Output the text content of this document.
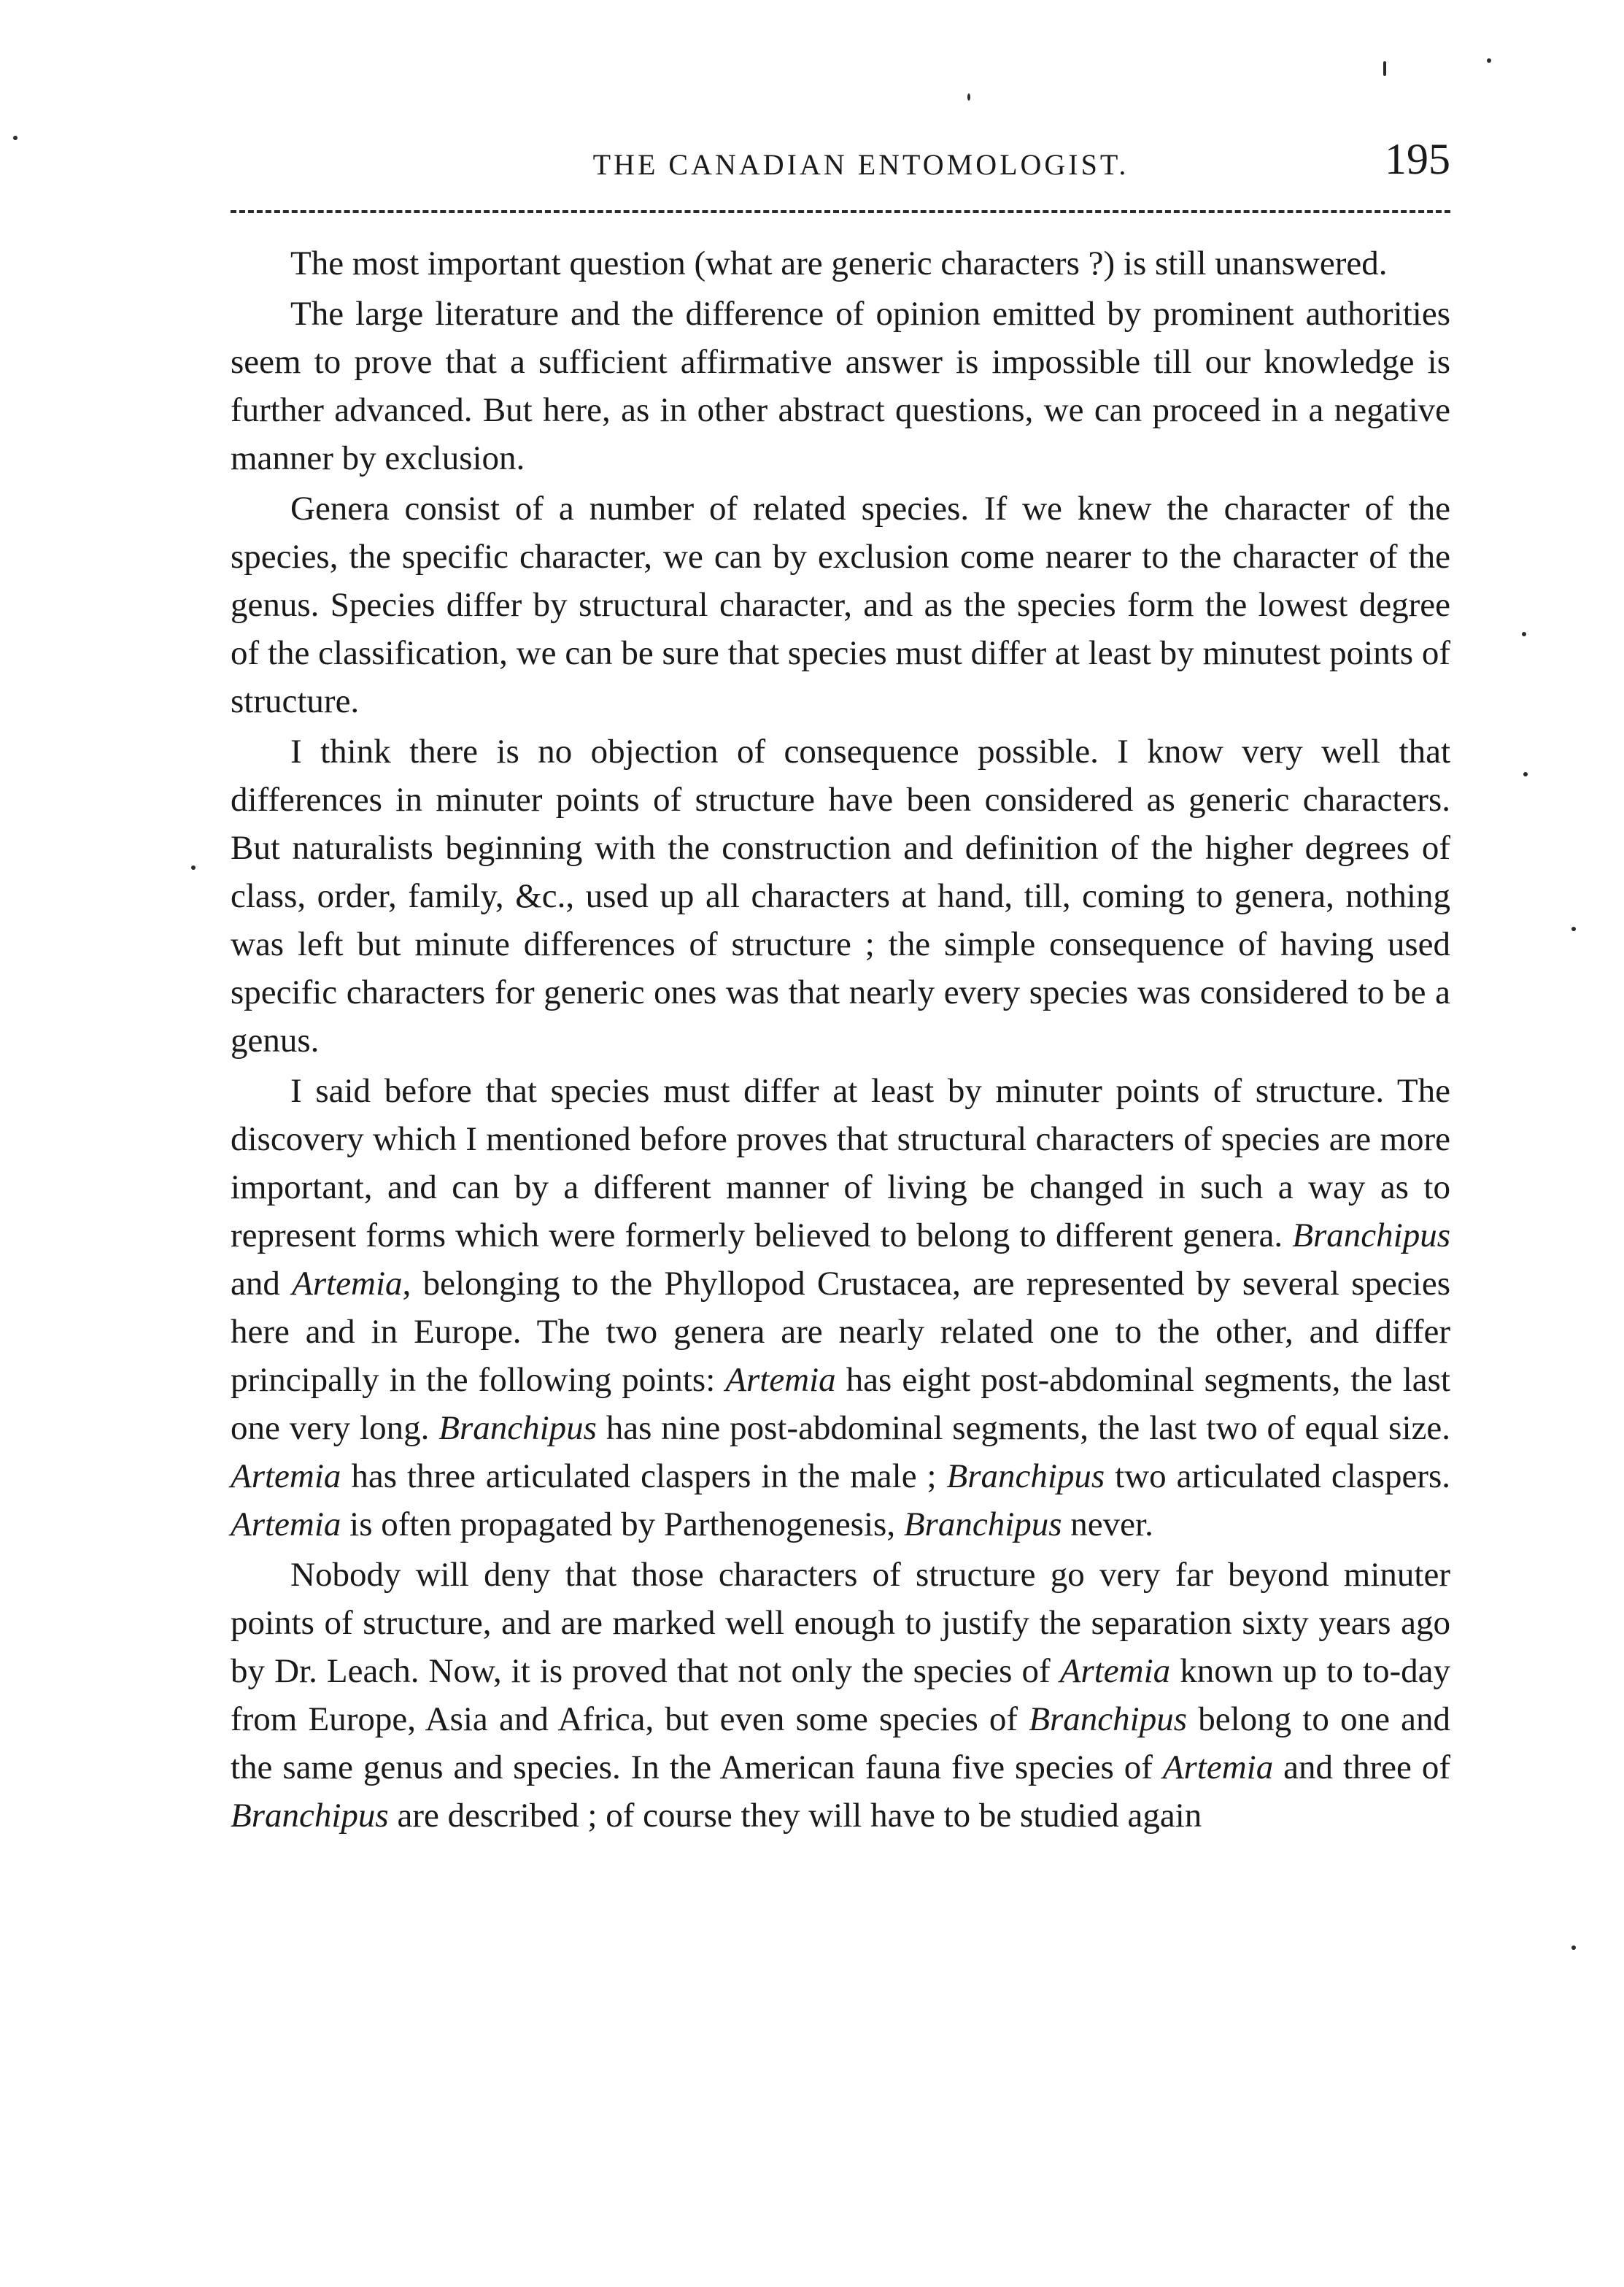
THE CANADIAN ENTOMOLOGIST.	195

The most important question (what are generic characters ?) is still unanswered.

The large literature and the difference of opinion emitted by prominent authorities seem to prove that a sufficient affirmative answer is impossible till our knowledge is further advanced. But here, as in other abstract questions, we can proceed in a negative manner by exclusion.

Genera consist of a number of related species. If we knew the character of the species, the specific character, we can by exclusion come nearer to the character of the genus. Species differ by structural character, and as the species form the lowest degree of the classification, we can be sure that species must differ at least by minutest points of structure.

I think there is no objection of consequence possible. I know very well that differences in minuter points of structure have been considered as generic characters. But naturalists beginning with the construction and definition of the higher degrees of class, order, family, &c., used up all characters at hand, till, coming to genera, nothing was left but minute differences of structure ; the simple consequence of having used specific characters for generic ones was that nearly every species was considered to be a genus.

I said before that species must differ at least by minuter points of structure. The discovery which I mentioned before proves that structural characters of species are more important, and can by a different manner of living be changed in such a way as to represent forms which were formerly believed to belong to different genera. Branchipus and Artemia, belonging to the Phyllopod Crustacea, are represented by several species here and in Europe. The two genera are nearly related one to the other, and differ principally in the following points: Artemia has eight post-abdominal segments, the last one very long. Branchipus has nine post-abdominal segments, the last two of equal size. Artemia has three articulated claspers in the male ; Branchipus two articulated claspers. Artemia is often propagated by Parthenogenesis, Branchipus never.

Nobody will deny that those characters of structure go very far beyond minuter points of structure, and are marked well enough to justify the separation sixty years ago by Dr. Leach. Now, it is proved that not only the species of Artemia known up to to-day from Europe, Asia and Africa, but even some species of Branchipus belong to one and the same genus and species. In the American fauna five species of Artemia and three of Branchipus are described ; of course they will have to be studied again
